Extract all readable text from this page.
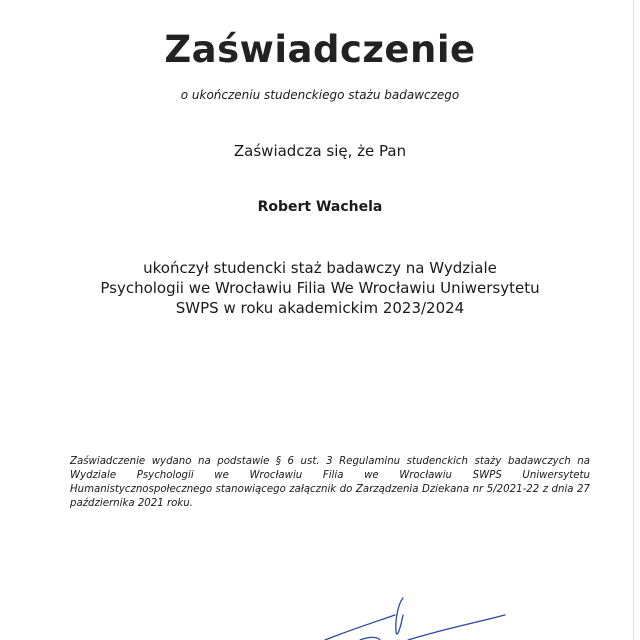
Zaświadczenie
o ukończeniu studenckiego stażu badawczego
Zaświadcza się, że Pan
Robert Wachela
ukończył studencki staż badawczy na Wydziale Psychologii we Wrocławiu Filia We Wrocławiu Uniwersytetu SWPS w roku akademickim 2023/2024
Zaświadczenie wydano na podstawie § 6 ust. 3 Regulaminu studenckich staży badawczych na Wydziale Psychologii we Wrocławiu Filia we Wrocławiu SWPS Uniwersytetu Humanistycznospołecznego stanowiącego załącznik do Zarządzenia Dziekana nr 5/2021-22 z dnia 27 października 2021 roku.
